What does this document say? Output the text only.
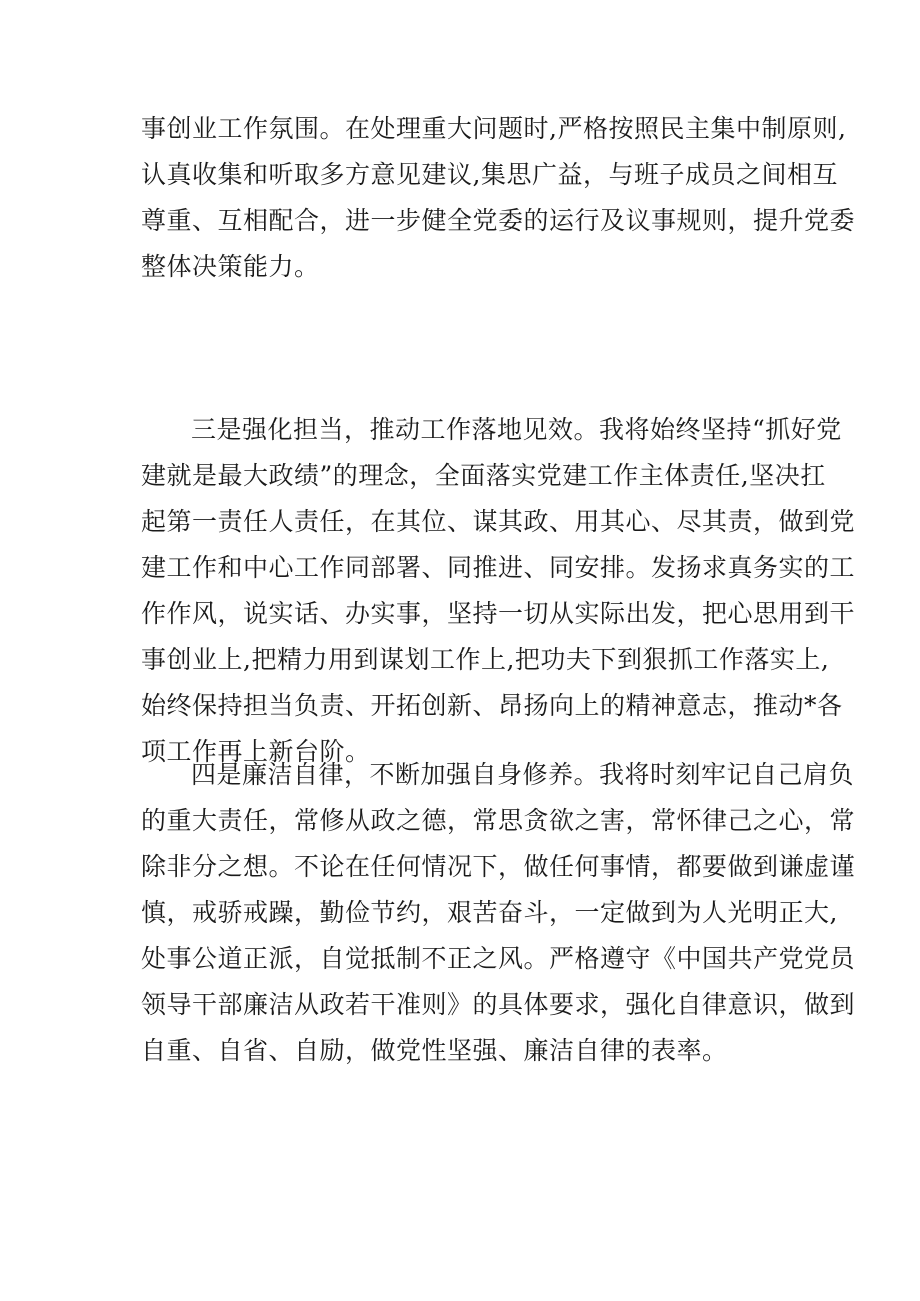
事创业工作氛围。在处理重大问题时,严格按照民主集中制原则,
认真收集和听取多方意见建议,集思广益，与班子成员之间相互
尊重、互相配合，进一步健全党委的运行及议事规则，提升党委
整体决策能力。
三是强化担当，推动工作落地见效。我将始终坚持“抓好党
建就是最大政绩”的理念，全面落实党建工作主体责任,坚决扛
起第一责任人责任，在其位、谋其政、用其心、尽其责，做到党
建工作和中心工作同部署、同推进、同安排。发扬求真务实的工
作作风，说实话、办实事，坚持一切从实际出发，把心思用到干
事创业上,把精力用到谋划工作上,把功夫下到狠抓工作落实上,
始终保持担当负责、开拓创新、昂扬向上的精神意志，推动*各
项工作再上新台阶。
四是廉洁自律，不断加强自身修养。我将时刻牢记自己肩负
的重大责任，常修从政之德，常思贪欲之害，常怀律己之心，常
除非分之想。不论在任何情况下，做任何事情，都要做到谦虚谨
慎，戒骄戒躁，勤俭节约，艰苦奋斗，一定做到为人光明正大,
处事公道正派，自觉抵制不正之风。严格遵守《中国共产党党员
领导干部廉洁从政若干准则》的具体要求，强化自律意识，做到
自重、自省、自励，做党性坚强、廉洁自律的表率。
